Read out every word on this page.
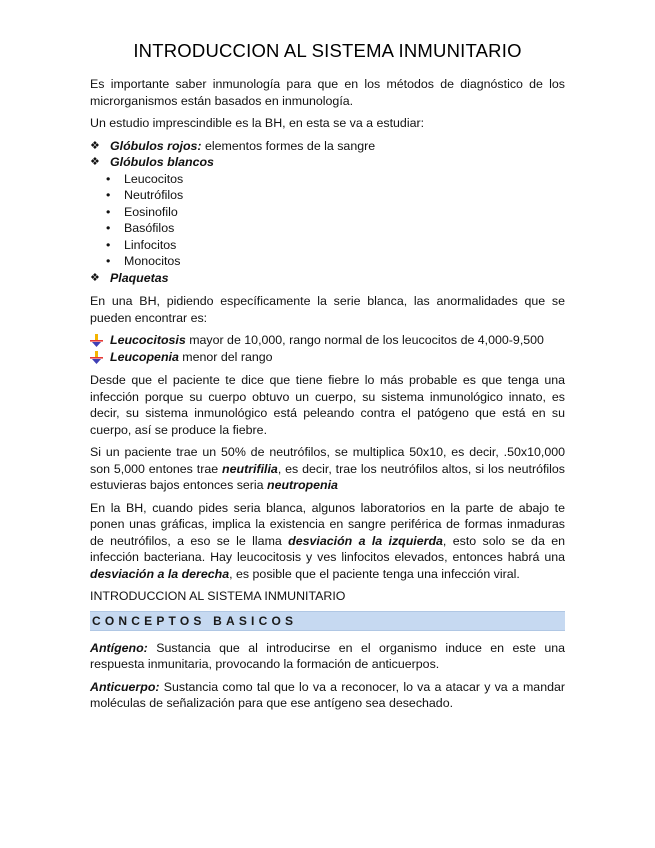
INTRODUCCION AL SISTEMA INMUNITARIO

Es importante saber inmunología para que en los métodos de diagnóstico de los microrganismos están basados en inmunología.

Un estudio imprescindible es la BH, en esta se va a estudiar:

❖ Glóbulos rojos: elementos formes de la sangre
❖ Glóbulos blancos
• Leucocitos
• Neutrófilos
• Eosinofilo
• Basófilos
• Linfocitos
• Monocitos
❖ Plaquetas

En una BH, pidiendo específicamente la serie blanca, las anormalidades que se pueden encontrar es:

Leucocitosis mayor de 10,000, rango normal de los leucocitos de 4,000-9,500
Leucopenia menor del rango

Desde que el paciente te dice que tiene fiebre lo más probable es que tenga una infección porque su cuerpo obtuvo un cuerpo, su sistema inmunológico innato, es decir, su sistema inmunológico está peleando contra el patógeno que está en su cuerpo, así se produce la fiebre.

Si un paciente trae un 50% de neutrófilos, se multiplica 50x10, es decir, .50x10,000 son 5,000 entones trae neutrifilia, es decir, trae los neutrófilos altos, si los neutrófilos estuvieras bajos entonces seria neutropenia

En la BH, cuando pides seria blanca, algunos laboratorios en la parte de abajo te ponen unas gráficas, implica la existencia en sangre periférica de formas inmaduras de neutrófilos, a eso se le llama desviación a la izquierda, esto solo se da en infección bacteriana. Hay leucocitosis y ves linfocitos elevados, entonces habrá una desviación a la derecha, es posible que el paciente tenga una infección viral.

INTRODUCCION AL SISTEMA INMUNITARIO
CONCEPTOS BASICOS

Antígeno: Sustancia que al introducirse en el organismo induce en este una respuesta inmunitaria, provocando la formación de anticuerpos.

Anticuerpo: Sustancia como tal que lo va a reconocer, lo va a atacar y va a mandar moléculas de señalización para que ese antígeno sea desechado.
